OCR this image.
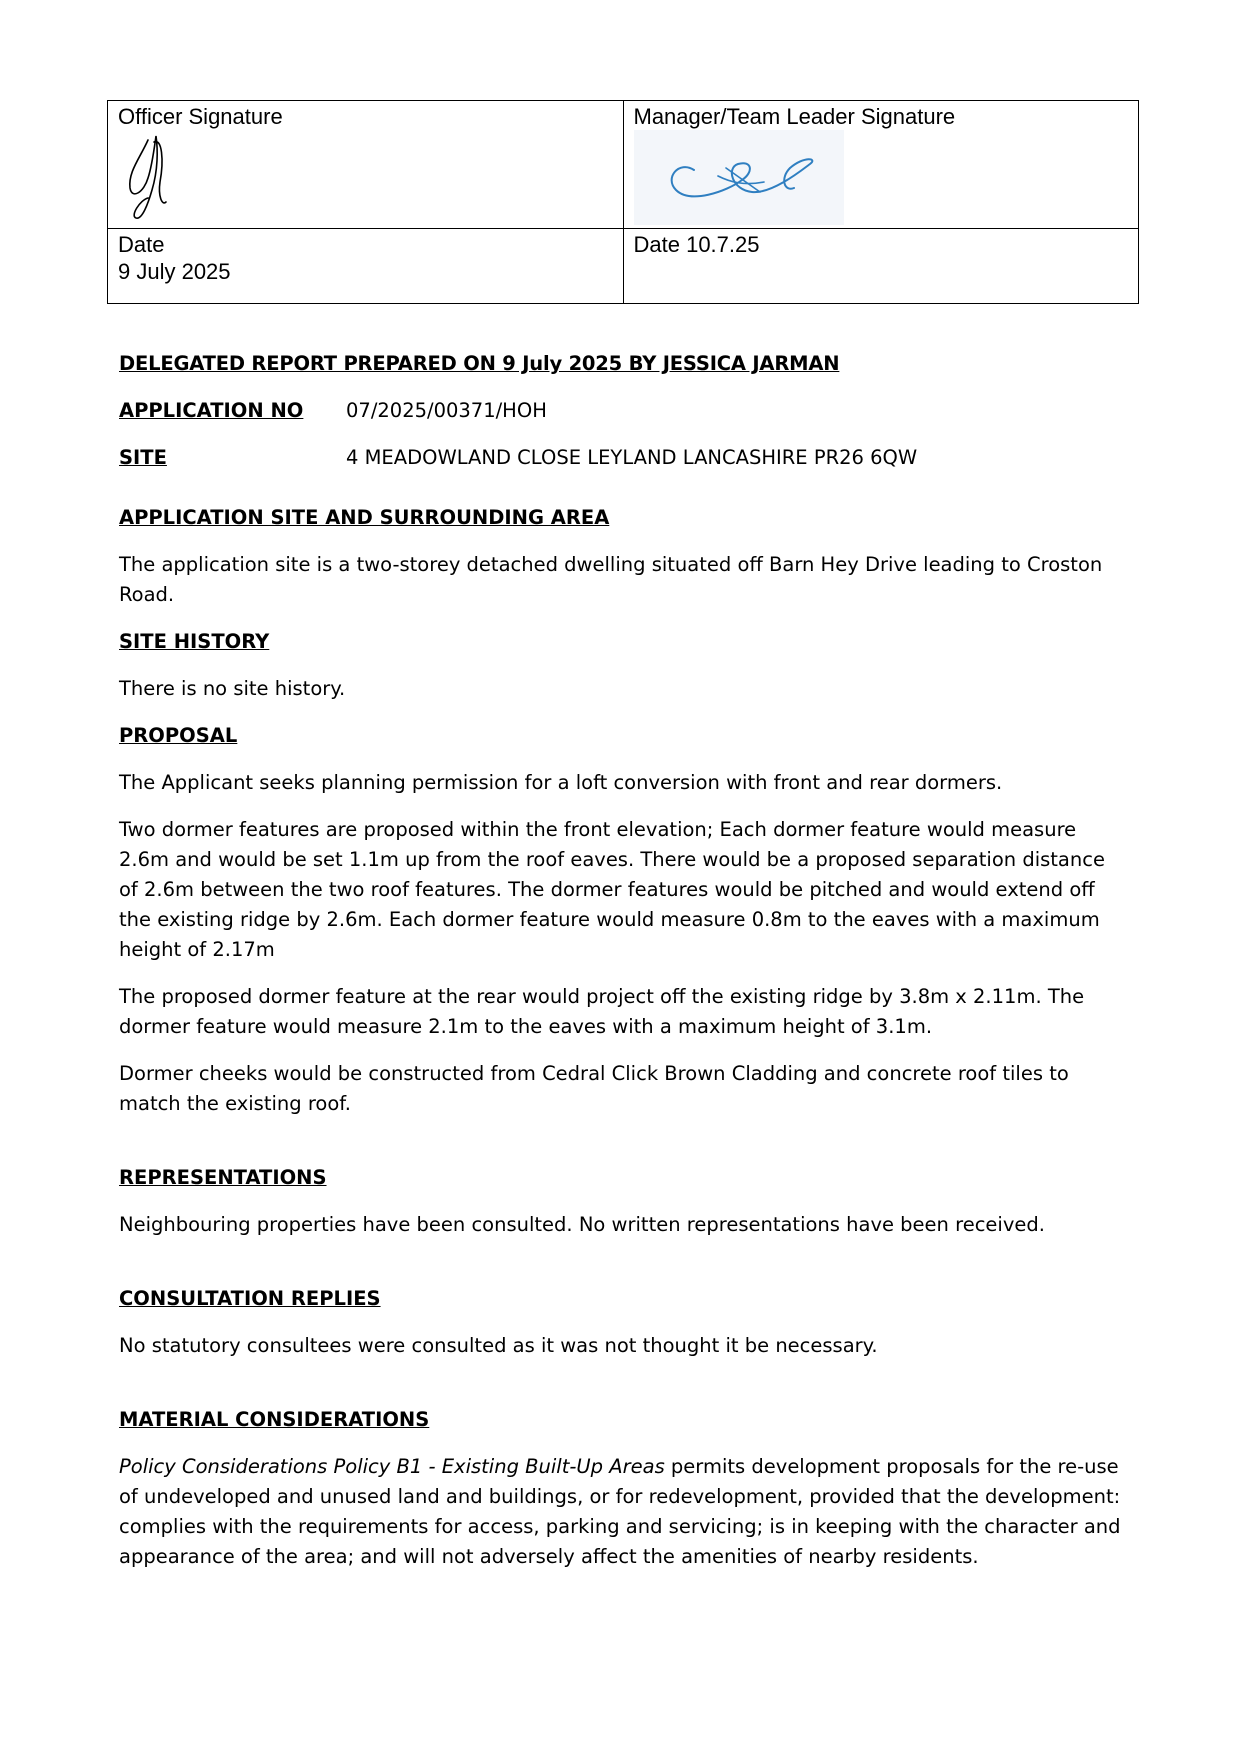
Officer Signature	Manager/Team Leader Signature

Date
9 July 2025	Date 10.7.25
DELEGATED REPORT PREPARED ON 9 July 2025 BY JESSICA JARMAN
APPLICATION NO	07/2025/00371/HOH
SITE	4 MEADOWLAND CLOSE LEYLAND LANCASHIRE PR26 6QW
APPLICATION SITE AND SURROUNDING AREA
The application site is a two-storey detached dwelling situated off Barn Hey Drive leading to Croston Road.
SITE HISTORY
There is no site history.
PROPOSAL
The Applicant seeks planning permission for a loft conversion with front and rear dormers.
Two dormer features are proposed within the front elevation; Each dormer feature would measure 2.6m and would be set 1.1m up from the roof eaves. There would be a proposed separation distance of 2.6m between the two roof features. The dormer features would be pitched and would extend off the existing ridge by 2.6m. Each dormer feature would measure 0.8m to the eaves with a maximum height of 2.17m
The proposed dormer feature at the rear would project off the existing ridge by 3.8m x 2.11m. The dormer feature would measure 2.1m to the eaves with a maximum height of 3.1m.
Dormer cheeks would be constructed from Cedral Click Brown Cladding and concrete roof tiles to match the existing roof.
REPRESENTATIONS
Neighbouring properties have been consulted. No written representations have been received.
CONSULTATION REPLIES
No statutory consultees were consulted as it was not thought it be necessary.
MATERIAL CONSIDERATIONS
Policy Considerations Policy B1 - Existing Built-Up Areas permits development proposals for the re-use of undeveloped and unused land and buildings, or for redevelopment, provided that the development: complies with the requirements for access, parking and servicing; is in keeping with the character and appearance of the area; and will not adversely affect the amenities of nearby residents.
